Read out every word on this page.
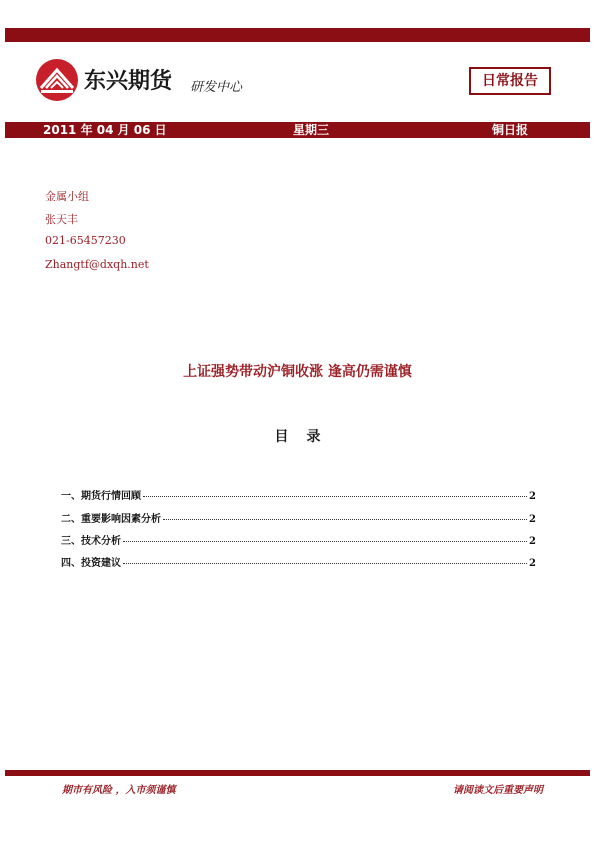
东兴期货 研发中心	日常报告
2011 年 04 月 06 日	星期三	铜日报
金属小组
张天丰
021-65457230
Zhangtf@dxqh.net
上证强势带动沪铜收涨 逢高仍需谨慎
目录
一、期货行情回顾	2
二、重要影响因素分析	2
三、技术分析	2
四、投资建议	2
期市有风险 ，入市须谨慎	请阅读文后重要声明
